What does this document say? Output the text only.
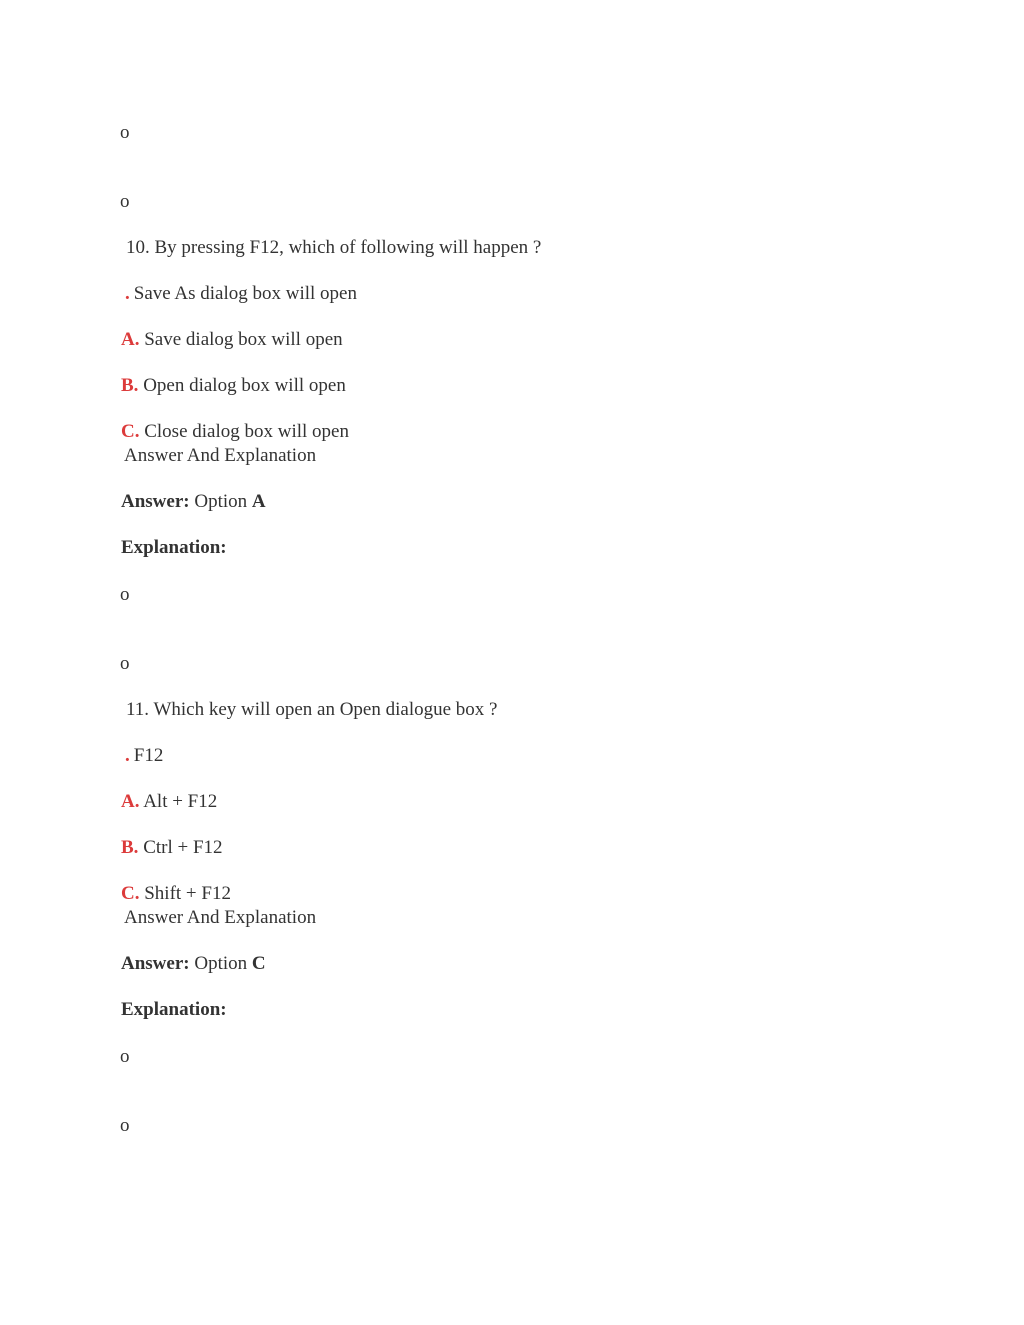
o
o
10. By pressing F12, which of following will happen ?
. Save As dialog box will open
A. Save dialog box will open
B. Open dialog box will open
C. Close dialog box will open
Answer And Explanation
Answer: Option A
Explanation:
o
o
11. Which key will open an Open dialogue box ?
. F12
A. Alt + F12
B. Ctrl + F12
C. Shift + F12
Answer And Explanation
Answer: Option C
Explanation:
o
o
